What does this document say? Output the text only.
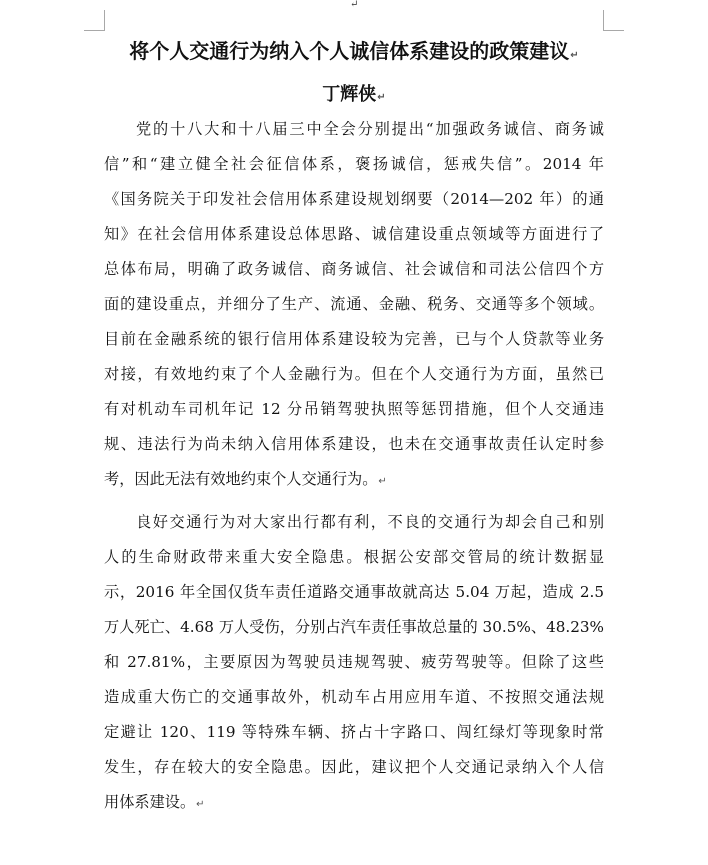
↵
将个人交通行为纳入个人诚信体系建设的政策建议↵
丁辉侠↵
党的十八大和十八届三中全会分别提出“加强政务诚信、商务诚
信”和“建立健全社会征信体系，褒扬诚信，惩戒失信”。2014 年
《国务院关于印发社会信用体系建设规划纲要（2014—202 年）的通
知》在社会信用体系建设总体思路、诚信建设重点领域等方面进行了
总体布局，明确了政务诚信、商务诚信、社会诚信和司法公信四个方
面的建设重点，并细分了生产、流通、金融、税务、交通等多个领域。
目前在金融系统的银行信用体系建设较为完善，已与个人贷款等业务
对接，有效地约束了个人金融行为。但在个人交通行为方面，虽然已
有对机动车司机年记 12 分吊销驾驶执照等惩罚措施，但个人交通违
规、违法行为尚未纳入信用体系建设，也未在交通事故责任认定时参
考，因此无法有效地约束个人交通行为。↵
良好交通行为对大家出行都有利，不良的交通行为却会自己和别
人的生命财政带来重大安全隐患。根据公安部交管局的统计数据显
示，2016 年全国仅货车责任道路交通事故就高达 5.04 万起，造成 2.5
万人死亡、4.68 万人受伤，分别占汽车责任事故总量的 30.5%、48.23%
和 27.81%，主要原因为驾驶员违规驾驶、疲劳驾驶等。但除了这些
造成重大伤亡的交通事故外，机动车占用应用车道、不按照交通法规
定避让 120、119 等特殊车辆、挤占十字路口、闯红绿灯等现象时常
发生，存在较大的安全隐患。因此，建议把个人交通记录纳入个人信
用体系建设。↵
